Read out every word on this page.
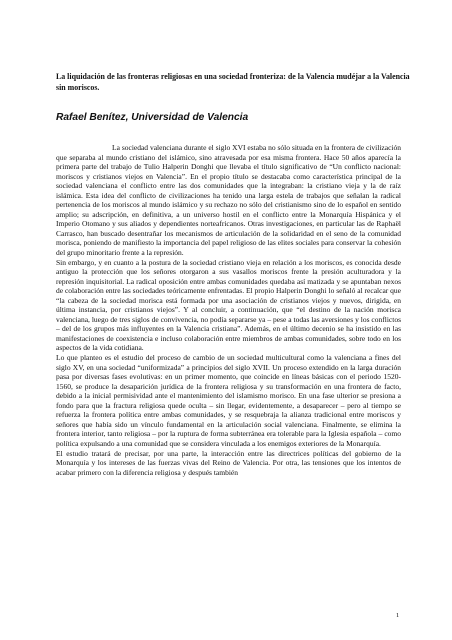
La liquidación de las fronteras religiosas en una sociedad fronteriza: de la Valencia mudéjar a la Valencia sin moriscos.

Rafael Benítez, Universidad de Valencia

La sociedad valenciana durante el siglo XVI estaba no sólo situada en la frontera de civilización que separaba al mundo cristiano del islámico, sino atravesada por esa misma frontera. Hace 50 años aparecía la primera parte del trabajo de Tulio Halperin Donghi que llevaba el título significativo de “Un conflicto nacional: moriscos y cristianos viejos en Valencia”. En el propio título se destacaba como característica principal de la sociedad valenciana el conflicto entre las dos comunidades que la integraban: la cristiano vieja y la de raíz islámica. Esta idea del conflicto de civilizaciones ha tenido una larga estela de trabajos que señalan la radical pertenencia de los moriscos al mundo islámico y su rechazo no sólo del cristianismo sino de lo español en sentido amplio; su adscripción, en definitiva, a un universo hostil en el conflicto entre la Monarquía Hispánica y el Imperio Otomano y sus aliados y dependientes norteafricanos. Otras investigaciones, en particular las de Raphaël Carrasco, han buscado desentrañar los mecanismos de articulación de la solidaridad en el seno de la comunidad morisca, poniendo de manifiesto la importancia del papel religioso de las elites sociales para conservar la cohesión del grupo minoritario frente a la represión.

Sin embargo, y en cuanto a la postura de la sociedad cristiano vieja en relación a los moriscos, es conocida desde antiguo la protección que los señores otorgaron a sus vasallos moriscos frente la presión aculturadora y la represión inquisitorial. La radical oposición entre ambas comunidades quedaba así matizada y se apuntaban nexos de colaboración entre las sociedades teóricamente enfrentadas. El propio Halperin Donghi lo señaló al recalcar que “la cabeza de la sociedad morisca está formada por una asociación de cristianos viejos y nuevos, dirigida, en última instancia, por cristianos viejos”. Y al concluir, a continuación, que “el destino de la nación morisca valenciana, luego de tres siglos de convivencia, no podía separarse ya – pese a todas las aversiones y los conflictos – del de los grupos más influyentes en la Valencia cristiana”. Además, en el último decenio se ha insistido en las manifestaciones de coexistencia e incluso colaboración entre miembros de ambas comunidades, sobre todo en los aspectos de la vida cotidiana.

Lo que planteo es el estudio del proceso de cambio de un sociedad multicultural como la valenciana a fines del siglo XV, en una sociedad “uniformizada” a principios del siglo XVII. Un proceso extendido en la larga duración pasa por diversas fases evolutivas: en un primer momento, que coincide en líneas básicas con el periodo 1520-1560, se produce la desaparición jurídica de la frontera religiosa y su transformación en una frontera de facto, debido a la inicial permisividad ante el mantenimiento del islamismo morisco. En una fase ulterior se presiona a fondo para que la fractura religiosa quede oculta – sin llegar, evidentemente, a desaparecer – pero al tiempo se refuerza la frontera política entre ambas comunidades, y se resquebraja la alianza tradicional entre moriscos y señores que había sido un vínculo fundamental en la articulación social valenciana. Finalmente, se elimina la frontera interior, tanto religiosa – por la ruptura de forma subterránea era tolerable para la Iglesia española – como política expulsando a una comunidad que se considera vinculada a los enemigos exteriores de la Monarquía.

El estudio tratará de precisar, por una parte, la interacción entre las directrices políticas del gobierno de la Monarquía y los intereses de las fuerzas vivas del Reino de Valencia. Por otra, las tensiones que los intentos de acabar primero con la diferencia religiosa y después también

1
